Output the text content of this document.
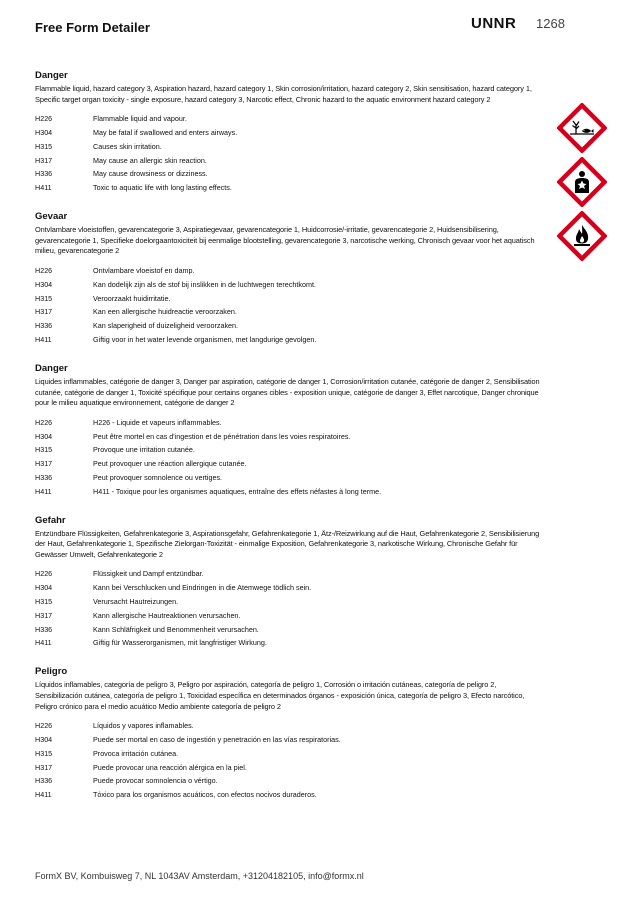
Free Form Detailer	UNNR 1268
Danger
Flammable liquid, hazard category 3, Aspiration hazard, hazard category 1, Skin corrosion/irritation, hazard category 2, Skin sensitisation, hazard category 1, Specific target organ toxicity - single exposure, hazard category 3, Narcotic effect, Chronic hazard to the aquatic environment hazard category 2
H226	Flammable liquid and vapour.
H304	May be fatal if swallowed and enters airways.
H315	Causes skin irritation.
H317	May cause an allergic skin reaction.
H336	May cause drowsiness or dizziness.
H411	Toxic to aquatic life with long lasting effects.
Gevaar
Ontvlambare vloeistoffen, gevarencategorie 3, Aspiratiegevaar, gevarencategorie 1, Huidcorrosie/-irritatie, gevarencategorie 2, Huidsensibilisering, gevarencategorie 1, Specifieke doelorgaantoxiciteit bij eenmalige blootstelling, gevarencategorie 3, narcotische werking, Chronisch gevaar voor het aquatisch milieu, gevarencategorie 2
H226	Ontvlambare vloeistof en damp.
H304	Kan dodelijk zijn als de stof bij inslikken in de luchtwegen terechtkomt.
H315	Veroorzaakt huidirritatie.
H317	Kan een allergische huidreactie veroorzaken.
H336	Kan slaperigheid of duizeligheid veroorzaken.
H411	Giftig voor in het water levende organismen, met langdurige gevolgen.
Danger
Liquides inflammables, catégorie de danger 3, Danger par aspiration, catégorie de danger 1, Corrosion/irritation cutanée, catégorie de danger 2, Sensibilisation cutanée, catégorie de danger 1, Toxicité spécifique pour certains organes cibles - exposition unique, catégorie de danger 3, Effet narcotique, Danger chronique pour le milieu aquatique environnement, catégorie de danger 2
H226	H226 - Liquide et vapeurs inflammables.
H304	Peut être mortel en cas d'ingestion et de pénétration dans les voies respiratoires.
H315	Provoque une irritation cutanée.
H317	Peut provoquer une réaction allergique cutanée.
H336	Peut provoquer somnolence ou vertiges.
H411	H411 - Toxique pour les organismes aquatiques, entraîne des effets néfastes à long terme.
Gefahr
Entzündbare Flüssigkeiten, Gefahrenkategorie 3, Aspirationsgefahr, Gefahrenkategorie 1, Ätz-/Reizwirkung auf die Haut, Gefahrenkategorie 2, Sensibilisierung der Haut, Gefahrenkategorie 1, Spezifische Zielorgan-Toxizität - einmalige Exposition, Gefahrenkategorie 3, narkotische Wirkung, Chronische Gefahr für Gewässer Umwelt, Gefahrenkategorie 2
H226	Flüssigkeit und Dampf entzündbar.
H304	Kann bei Verschlucken und Eindringen in die Atemwege tödlich sein.
H315	Verursacht Hautreizungen.
H317	Kann allergische Hautreaktionen verursachen.
H336	Kann Schläfrigkeit und Benommenheit verursachen.
H411	Giftig für Wasserorganismen, mit langfristiger Wirkung.
Peligro
Líquidos inflamables, categoría de peligro 3, Peligro por aspiración, categoría de peligro 1, Corrosión o irritación cutáneas, categoría de peligro 2, Sensibilización cutánea, categoría de peligro 1, Toxicidad específica en determinados órganos - exposición única, categoría de peligro 3, Efecto narcótico, Peligro crónico para el medio acuático Medio ambiente categoría de peligro 2
H226	Líquidos y vapores inflamables.
H304	Puede ser mortal en caso de ingestión y penetración en las vías respiratorias.
H315	Provoca irritación cutánea.
H317	Puede provocar una reacción alérgica en la piel.
H336	Puede provocar somnolencia o vértigo.
H411	Tóxico para los organismos acuáticos, con efectos nocivos duraderos.
FormX BV, Kombuisweg 7, NL 1043AV Amsterdam, +31204182105, info@formx.nl
